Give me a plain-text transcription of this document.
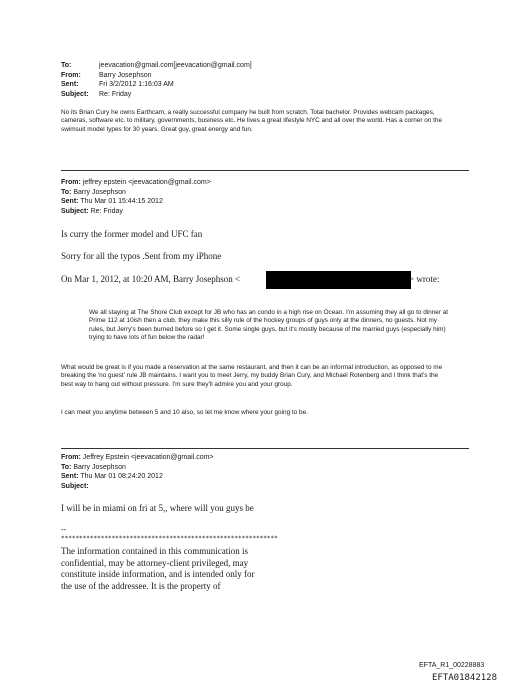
To:	jeevacation@gmail.com[jeevacation@gmail.com]
From:	Barry Josephson
Sent:	Fri 3/2/2012 1:16:03 AM
Subject: Re: Friday
No its Brian Cury he owns Earthcam, a really successful company he built from scratch. Total bachelor. Provides webcam packages, cameras, software etc. to military, governments, business etc. He lives a great lifestyle NYC and all over the world. Has a corner on the swimsuit model types for 30 years. Great guy, great energy and fun.
From: jeffrey epstein <jeevacation@gmail.com>
To: Barry Josephson
Sent: Thu Mar 01 15:44:15 2012
Subject: Re: Friday
Is curry the former model and UFC fan
Sorry for all the typos .Sent from my iPhone
On Mar 1, 2012, at 10:20 AM, Barry Josephson <	> wrote:
We all staying at The Shore Club except for JB who has an condo in a high rise on Ocean. I'm assuming they all go to dinner at Prime 112 at 10ish then a club. they make this silly rule of the hockey groups of guys only at the dinners, no guests. Not my rules, but Jerry's been burned before so I get it. Some single guys, but it's mostly because of the married guys (especially him) trying to have lots of fun below the radar!
What would be great is if you made a reservation at the same restaurant, and then it can be an informal introduction, as opposed to me breaking the 'no guest' rule JB maintains. I want you to meet Jerry, my buddy Brian Cury, and Michael Rotenberg and I think that's the best way to hang out without pressure. I'm sure they'll admire you and your group.
I can meet you anytime between 5 and 10 also, so let me know where your going to be.
From: Jeffrey Epstein <jeevacation@gmail.com>
To: Barry Josephson
Sent: Thu Mar 01 08:24:20 2012
Subject:
I will be in miami on fri at 5,, where will you guys be
--
************************************************************
The information contained in this communication is
confidential, may be attorney-client privileged, may
constitute inside information, and is intended only for
the use of the addressee. It is the property of
EFTA_R1_00228883
EFTA01842128
